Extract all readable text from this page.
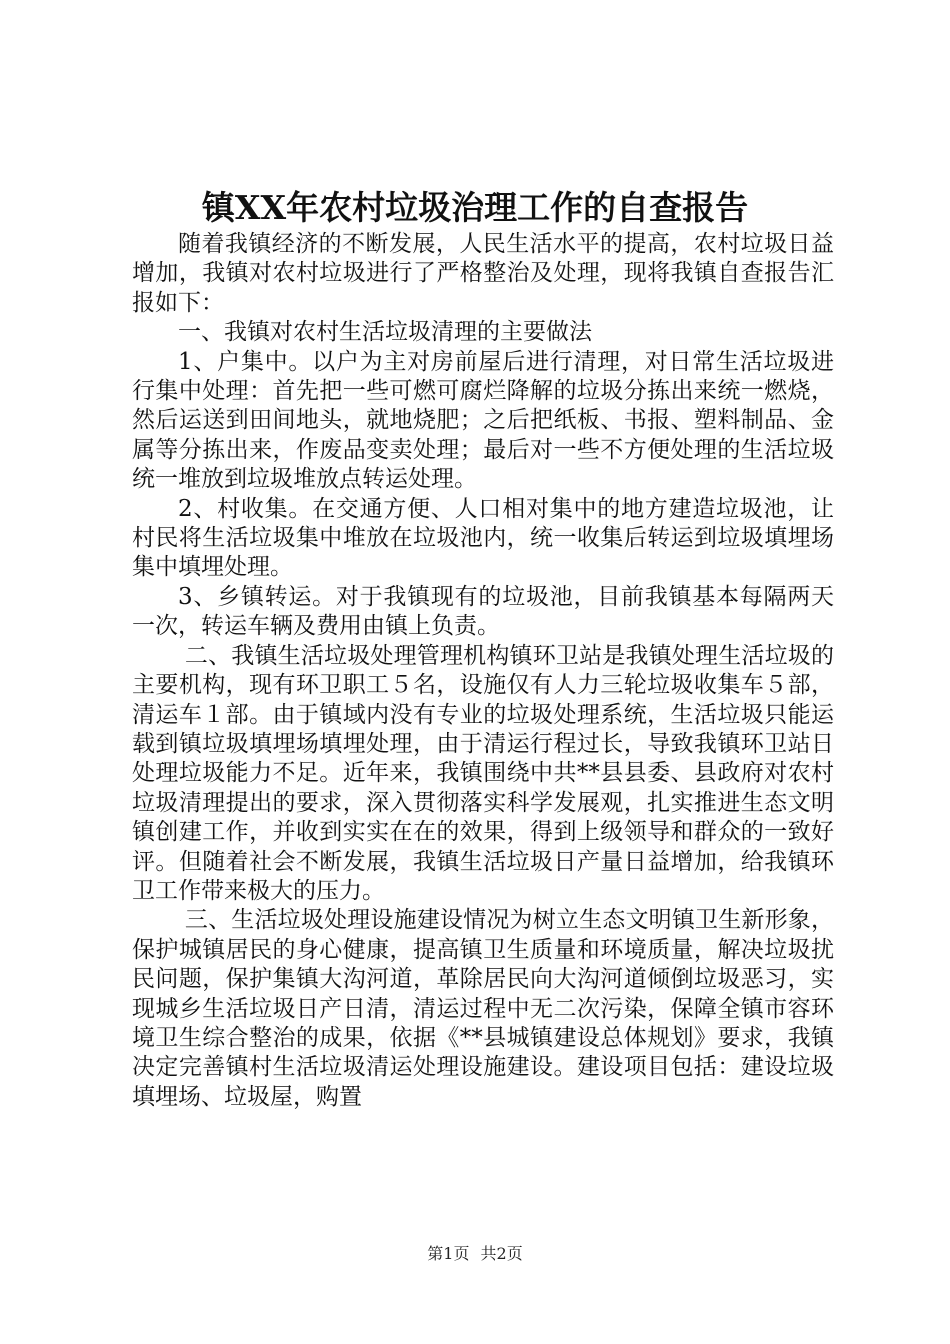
镇XX年农村垃圾治理工作的自查报告

随着我镇经济的不断发展，人民生活水平的提高，农村垃圾日益增加，我镇对农村垃圾进行了严格整治及处理，现将我镇自查报告汇报如下：

一、我镇对农村生活垃圾清理的主要做法

1、户集中。以户为主对房前屋后进行清理，对日常生活垃圾进行集中处理：首先把一些可燃可腐烂降解的垃圾分拣出来统一燃烧，然后运送到田间地头，就地烧肥；之后把纸板、书报、塑料制品、金属等分拣出来，作废品变卖处理；最后对一些不方便处理的生活垃圾统一堆放到垃圾堆放点转运处理。

2、村收集。在交通方便、人口相对集中的地方建造垃圾池，让村民将生活垃圾集中堆放在垃圾池内，统一收集后转运到垃圾填埋场集中填埋处理。

3、乡镇转运。对于我镇现有的垃圾池，目前我镇基本每隔两天一次，转运车辆及费用由镇上负责。

二、我镇生活垃圾处理管理机构镇环卫站是我镇处理生活垃圾的主要机构，现有环卫职工５名，设施仅有人力三轮垃圾收集车５部，清运车１部。由于镇域内没有专业的垃圾处理系统，生活垃圾只能运载到镇垃圾填埋场填埋处理，由于清运行程过长，导致我镇环卫站日处理垃圾能力不足。近年来，我镇围绕中共**县县委、县政府对农村垃圾清理提出的要求，深入贯彻落实科学发展观，扎实推进生态文明镇创建工作，并收到实实在在的效果，得到上级领导和群众的一致好评。但随着社会不断发展，我镇生活垃圾日产量日益增加，给我镇环卫工作带来极大的压力。

三、生活垃圾处理设施建设情况为树立生态文明镇卫生新形象，保护城镇居民的身心健康，提高镇卫生质量和环境质量，解决垃圾扰民问题，保护集镇大沟河道，革除居民向大沟河道倾倒垃圾恶习，实现城乡生活垃圾日产日清，清运过程中无二次污染，保障全镇市容环境卫生综合整治的成果，依据《**县城镇建设总体规划》要求，我镇决定完善镇村生活垃圾清运处理设施建设。建设项目包括：建设垃圾填埋场、垃圾屋，购置

第1页 共2页
